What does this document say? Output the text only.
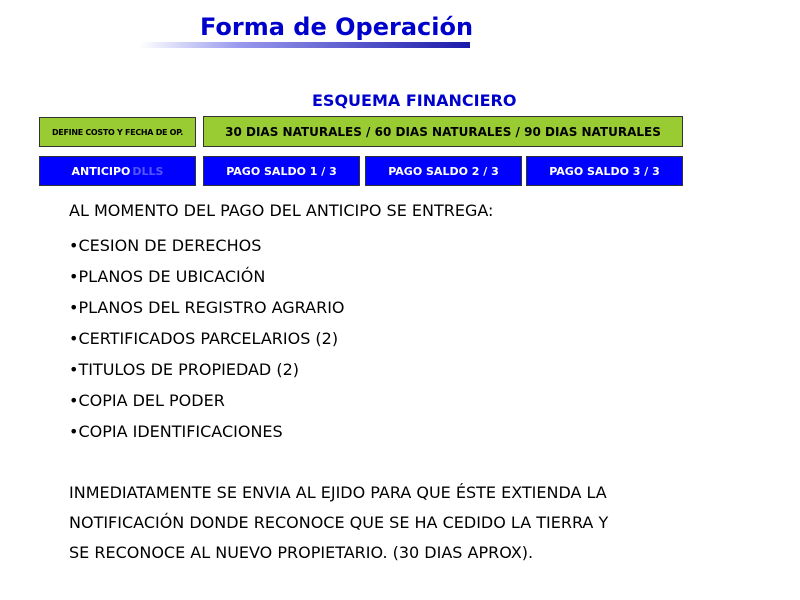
Forma de Operación
ESQUEMA FINANCIERO
DEFINE COSTO Y FECHA DE OP.	30 DIAS NATURALES / 60 DIAS NATURALES / 90 DIAS NATURALES
ANTICIPO DLLS	PAGO SALDO 1 / 3	PAGO SALDO 2 / 3	PAGO SALDO 3 / 3
AL MOMENTO DEL PAGO DEL ANTICIPO SE ENTREGA:
•CESION DE DERECHOS
•PLANOS DE UBICACIÓN
•PLANOS DEL REGISTRO AGRARIO
•CERTIFICADOS PARCELARIOS (2)
•TITULOS DE PROPIEDAD (2)
•COPIA DEL PODER
•COPIA IDENTIFICACIONES
INMEDIATAMENTE SE ENVIA AL EJIDO PARA QUE ÉSTE EXTIENDA LA
NOTIFICACIÓN DONDE RECONOCE QUE SE HA CEDIDO LA TIERRA Y
SE RECONOCE AL NUEVO PROPIETARIO. (30 DIAS APROX).
